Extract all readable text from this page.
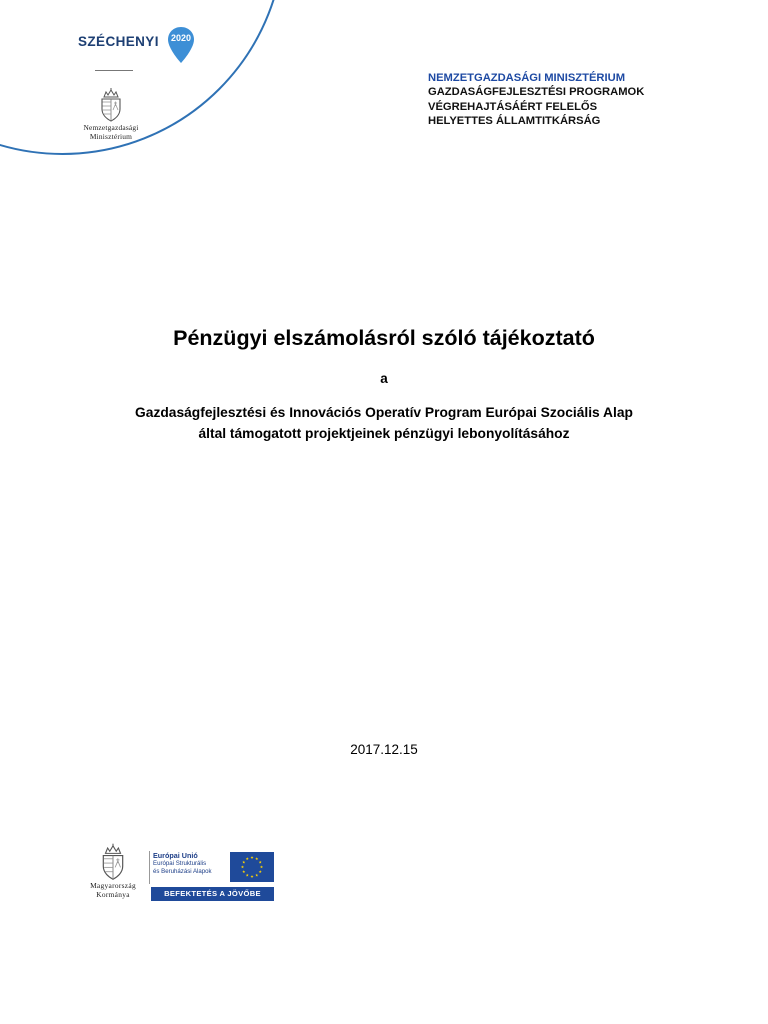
SZÉCHENYI	2020
Nemzetgazdasági
Minisztérium
NEMZETGAZDASÁGI MINISZTÉRIUM
GAZDASÁGFEJLESZTÉSI PROGRAMOK
VÉGREHAJTÁSÁÉRT FELELŐS
HELYETTES ÁLLAMTITKÁRSÁG
Pénzügyi elszámolásról szóló tájékoztató
a
Gazdaságfejlesztési és Innovációs Operatív Program Európai Szociális Alap
által támogatott projektjeinek pénzügyi lebonyolításához
2017.12.15
Magyarország
Kormánya
Európai Unió
Európai Strukturális
és Beruházási Alapok
BEFEKTETÉS A JÖVŐBE
